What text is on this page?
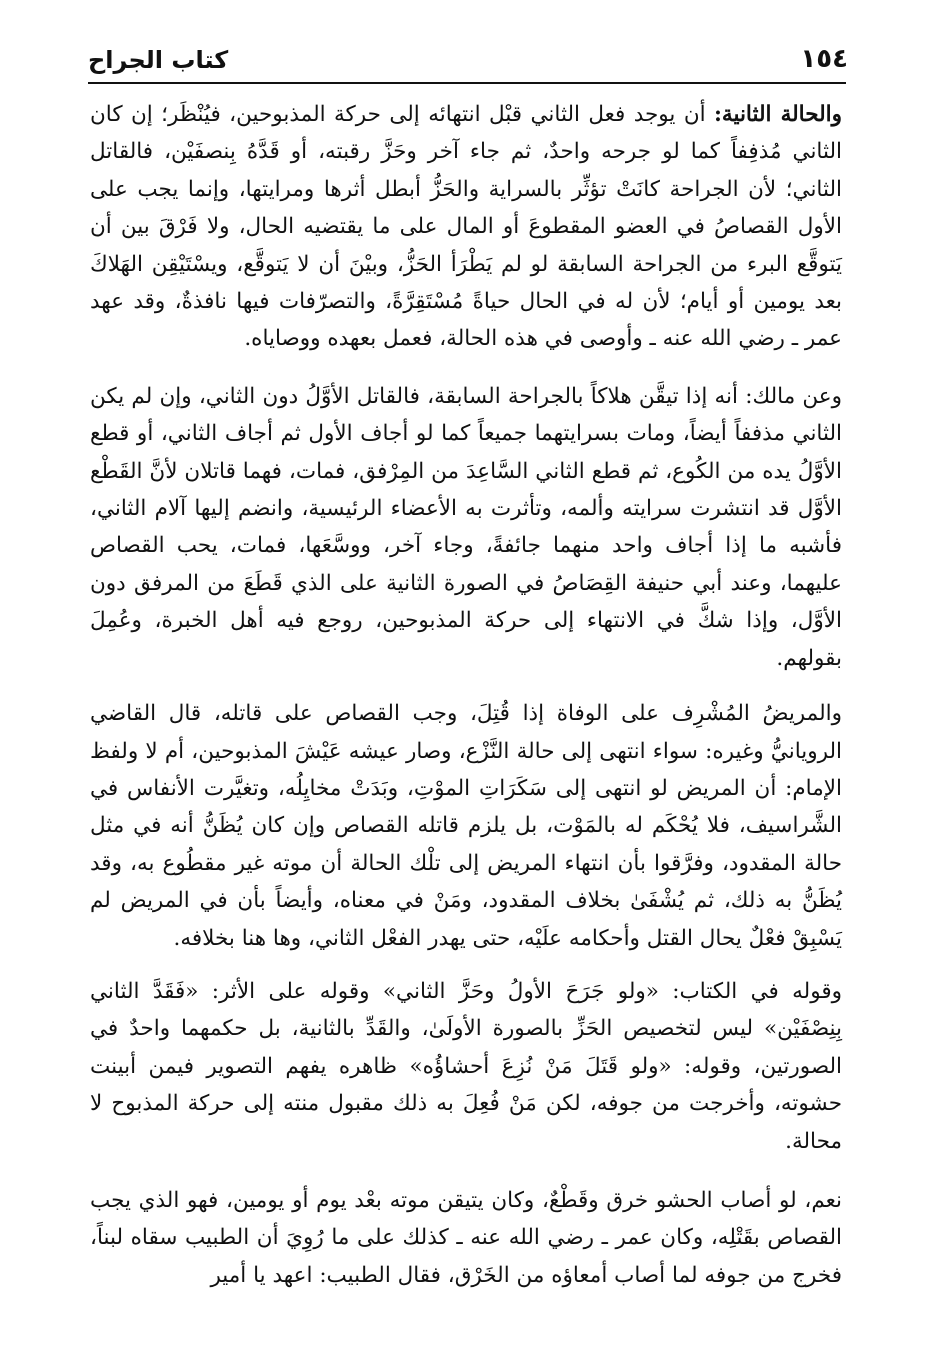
كتاب الجراح	١٥٤

والحالة الثانية: أن يوجد فعل الثاني قبْل انتهائه إلى حركة المذبوحين، فيُنْظَر؛ إن كان الثاني مُذفِفاً كما لو جرحه واحدٌ، ثم جاء آخر وحَزَّ رقبته، أو قَدَّهُ بِنصفَيْن، فالقاتل الثاني؛ لأن الجراحة كانَتْ تؤثِّر بالسراية والحَزُّ أبطل أثرها ومرايتها، وإنما يجب على الأول القصاصُ في العضو المقطوعَ أو المال على ما يقتضيه الحال، ولا فَرْقَ بين أن يَتوقَّع البرء من الجراحة السابقة لو لم يَطْرَأ الحَزُّ، وبيْنَ أن لا يَتوقَّع، ويسْتَيْقِن الهَلاكَ بعد يومين أو أيام؛ لأن له في الحال حياةً مُسْتَقِرَّةً، والتصرّفات فيها نافذةٌ، وقد عهد عمر ـ رضي الله عنه ـ وأوصى في هذه الحالة، فعمل بعهده ووصاياه.

وعن مالك: أنه إذا تيقَّن هلاكاً بالجراحة السابقة، فالقاتل الأوَّلُ دون الثاني، وإن لم يكن الثاني مذففاً أيضاً، ومات بسرايتهما جميعاً كما لو أجاف الأول ثم أجاف الثاني، أو قطع الأوَّلُ يده من الكُوع، ثم قطع الثاني السَّاعِدَ من المِرْفق، فمات، فهما قاتلان لأنَّ القَطْع الأوَّل قد انتشرت سرايته وألمه، وتأثرت به الأعضاء الرئيسية، وانضم إليها آلام الثاني، فأشبه ما إذا أجاف واحد منهما جائفةً، وجاء آخر، ووسَّعَها، فمات، يحب القصاص عليهما، وعند أبي حنيفة القِصَاصُ في الصورة الثانية على الذي قَطَعَ من المرفق دون الأوَّل، وإذا شكَّ في الانتهاء إلى حركة المذبوحين، روجع فيه أهل الخبرة، وعُمِلَ بقولهم.

والمريضُ المُشْرِف على الوفاة إذا قُتِلَ، وجب القصاص على قاتله، قال القاضي الرويانيُّ وغيره: سواء انتهى إلى حالة النَّزْع، وصار عيشه عَيْشَ المذبوحين، أم لا ولفظ الإمام: أن المريض لو انتهى إلى سَكَرَاتِ الموْتِ، وبَدَتْ مخايِلُه، وتغيَّرت الأنفاس في الشَّراسيف، فلا يُحْكَم له بالمَوْت، بل يلزم قاتله القصاص وإن كان يُظَنُّ أنه في مثل حالة المقدود، وفرَّقوا بأن انتهاء المريض إلى تلْك الحالة أن موته غير مقطُوع به، وقد يُظَنُّ به ذلك، ثم يُشْفَىٰ بخلاف المقدود، ومَنْ في معناه، وأيضاً بأن في المريض لم يَسْبِقْ فعْلٌ يحال القتل وأحكامه علَيْه، حتى يهدر الفعْل الثاني، وها هنا بخلافه.

وقوله في الكتاب: «ولو جَرَحَ الأولُ وحَزَّ الثاني» وقوله على الأثر: «فَقَدَّ الثاني بِنِصْفَيْن» ليس لتخصيص الحَزِّ بالصورة الأولَىٰ، والقَدِّ بالثانية، بل حكمهما واحدٌ في الصورتين، وقوله: «ولو قَتَلَ مَنْ نُزِعَ أحشاؤُه» ظاهره يفهم التصوير فيمن أبينت حشوته، وأخرجت من جوفه، لكن مَنْ فُعِلَ به ذلك مقبول منته إلى حركة المذبوح لا محالة.

نعم، لو أصاب الحشو خرق وقَطْعٌ، وكان يتيقن موته بعْد يوم أو يومين، فهو الذي يجب القصاص بقَتْلِه، وكان عمر ـ رضي الله عنه ـ كذلك على ما رُوِيَ أن الطبيب سقاه لبناً، فخرج من جوفه لما أصاب أمعاؤه من الخَرْق، فقال الطبيب: اعهد يا أمير
